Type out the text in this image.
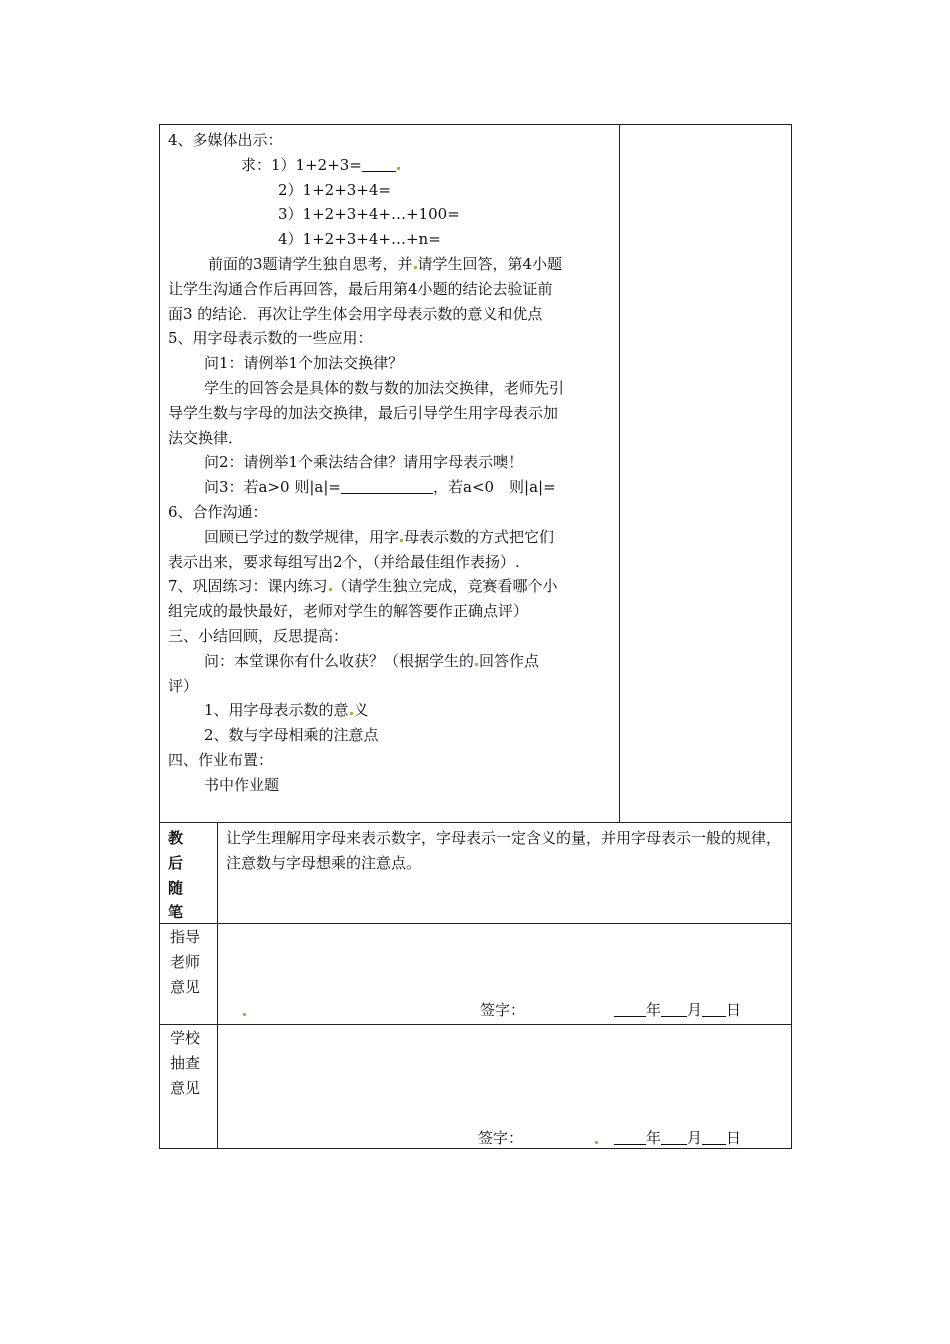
4、多媒体出示：
求：1）1+2+3=
2）1+2+3+4=
3）1+2+3+4+…+100=
4）1+2+3+4+…+n=
前面的3题请学生独自思考，并 请学生回答，第4小题
让学生沟通合作后再回答，最后用第4小题的结论去验证前
面3 的结论．再次让学生体会用字母表示数的意义和优点
5、用字母表示数的一些应用：
问1：请例举1个加法交换律？
学生的回答会是具体的数与数的加法交换律，老师先引
导学生数与字母的加法交换律，最后引导学生用字母表示加
法交换律．
问2：请例举1个乘法结合律？请用字母表示噢！
问3：若a>0 则|a|=	，若a<0　则|a|=
6、合作沟通：
回顾已学过的数学规律，用字 母表示数的方式把它们
表示出来，要求每组写出2个，（并给最佳组作表扬）.
7、巩固练习：课内练习 （请学生独立完成，竞赛看哪个小
组完成的最快最好，老师对学生的解答要作正确点评）
三、小结回顾，反思提高：
问：本堂课你有什么收获？（根据学生的 回答作点
评）
1、用字母表示数的意 义
2、数与字母相乘的注意点
四、作业布置：
书中作业题
教
后
随
笔
让学生理解用字母来表示数字，字母表示一定含义的量，并用字母表示一般的规律，注意数与字母想乘的注意点。
指导
老师
意见
签字：	年 月 日
学校
抽查
意见
签字：	年 月 日
